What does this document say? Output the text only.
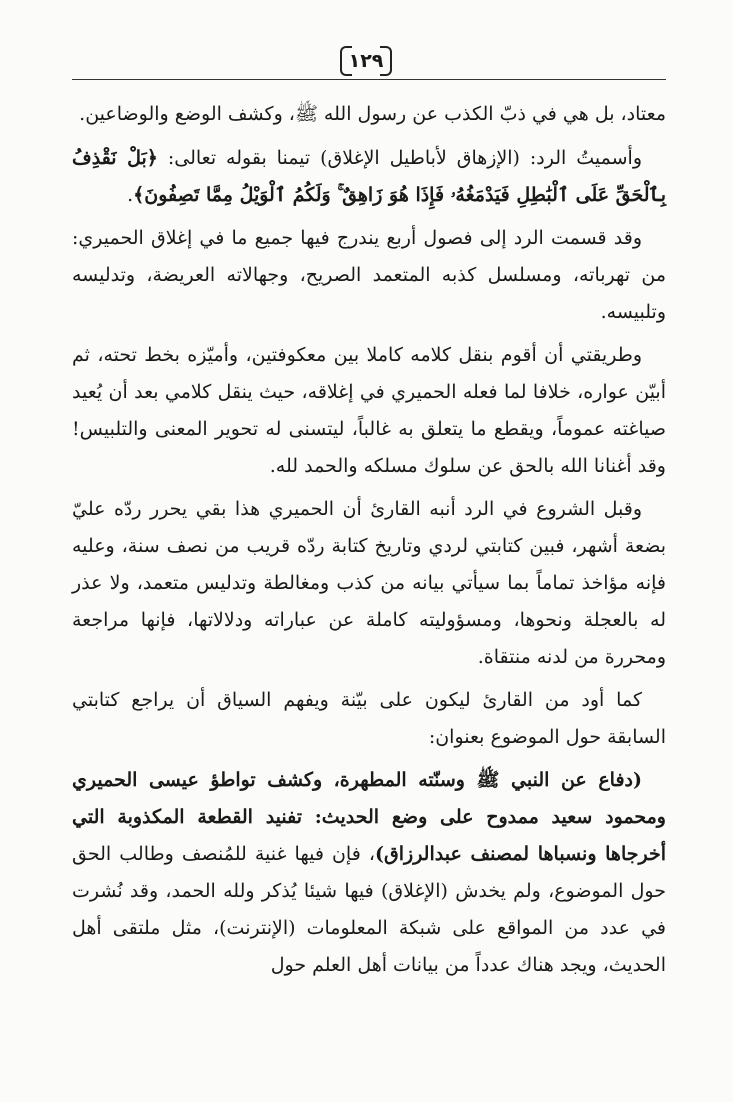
١٢٩

معتاد، بل هي في ذبّ الكذب عن رسول الله ﷺ، وكشف الوضع والوضاعين.

وأسميتُ الرد: (الإزهاق لأباطيل الإغلاق) تيمنا بقوله تعالى: ﴿بَلْ نَقْذِفُ بِٱلْحَقِّ عَلَى ٱلْبَٰطِلِ فَيَدْمَغُهُۥ فَإِذَا هُوَ زَاهِقٌ ۚ وَلَكُمُ ٱلْوَيْلُ مِمَّا تَصِفُونَ﴾.

وقد قسمت الرد إلى فصول أربع يندرج فيها جميع ما في إغلاق الحميري: من تهرباته، ومسلسل كذبه المتعمد الصريح، وجهالاته العريضة، وتدليسه وتلبيسه.

وطريقتي أن أقوم بنقل كلامه كاملا بين معكوفتين، وأميّزه بخط تحته، ثم أبيّن عواره، خلافا لما فعله الحميري في إغلاقه، حيث ينقل كلامي بعد أن يُعيد صياغته عموماً، ويقطع ما يتعلق به غالباً، ليتسنى له تحوير المعنى والتلبيس! وقد أغنانا الله بالحق عن سلوك مسلكه والحمد لله.

وقبل الشروع في الرد أنبه القارئ أن الحميري هذا بقي يحرر ردّه عليّ بضعة أشهر، فبين كتابتي لردي وتاريخ كتابة ردّه قريب من نصف سنة، وعليه فإنه مؤاخذ تماماً بما سيأتي بيانه من كذب ومغالطة وتدليس متعمد، ولا عذر له بالعجلة ونحوها، ومسؤوليته كاملة عن عباراته ودلالاتها، فإنها مراجعة ومحررة من لدنه منتقاة.

كما أود من القارئ ليكون على بيّنة ويفهم السياق أن يراجع كتابتي السابقة حول الموضوع بعنوان:

(دفاع عن النبي ﷺ وسنّته المطهرة، وكشف تواطؤ عيسى الحميري ومحمود سعيد ممدوح على وضع الحديث: تفنيد القطعة المكذوبة التي أخرجاها ونسباها لمصنف عبدالرزاق)، فإن فيها غنية للمُنصف وطالب الحق حول الموضوع، ولم يخدش (الإغلاق) فيها شيئا يُذكر ولله الحمد، وقد نُشرت في عدد من المواقع على شبكة المعلومات (الإنترنت)، مثل ملتقى أهل الحديث، ويجد هناك عدداً من بيانات أهل العلم حول
